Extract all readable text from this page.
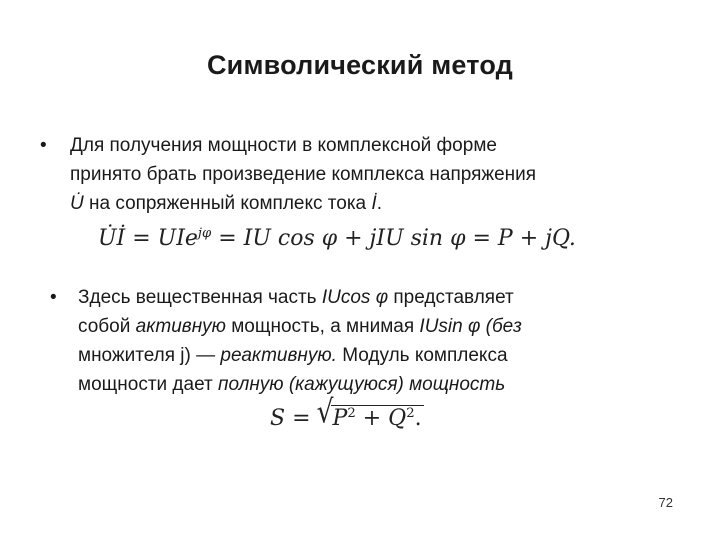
Символический метод
• Для получения мощности в комплексной форме
принято брать произведение комплекса напряжения
U̇ на сопряженный комплекс тока İ.
U̇İ = UIe$^{j\varphi}$ = IU cos φ + jIU sin φ = P + jQ.
• Здесь вещественная часть IUcos φ представляет
собой активную мощность, а мнимая IUsin φ (без
множителя j) — реактивную. Модуль комплекса
мощности дает полную (кажущуюся) мощность
$S = √P^2 + Q^2$.
72
